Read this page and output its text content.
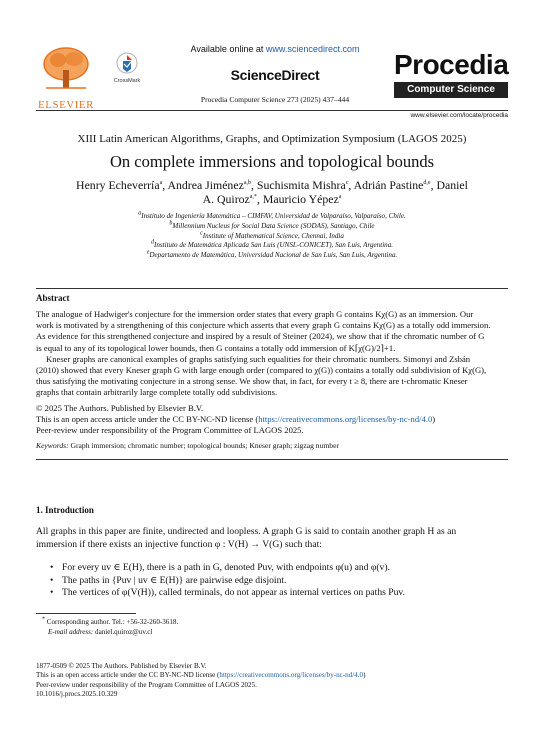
ELSEVIER
CrossMark
Available online at www.sciencedirect.com
ScienceDirect
Procedia Computer Science 273 (2025) 437–444
Procedia
Computer Science
www.elsevier.com/locate/procedia
XIII Latin American Algorithms, Graphs, and Optimization Symposium (LAGOS 2025)
On complete immersions and topological bounds
Henry Echeverría$^a$, Andrea Jiménez$^{a,b}$, Suchismita Mishra$^c$, Adrián Pastine$^{d,e}$, Daniel A. Quiroz$^{a,*}$, Mauricio Yépez$^a$
$^a$Instituto de Ingeniería Matemática – CIMFAV, Universidad de Valparaíso, Valparaíso, Chile.
$^b$Millennium Nucleus for Social Data Science (SODAS), Santiago, Chile
$^c$Institute of Mathematical Science, Chennai, India
$^d$Instituto de Matemática Aplicada San Luis (UNSL-CONICET), San Luis, Argentina.
$^e$Departamento de Matemática, Universidad Nacional de San Luis, San Luis, Argentina.
Abstract
The analogue of Hadwiger's conjecture for the immersion order states that every graph G contains Kχ(G) as an immersion. Our
work is motivated by a strengthening of this conjecture which asserts that every graph G contains Kχ(G) as a totally odd immersion.
As evidence for this strengthened conjecture and inspired by a result of Steiner (2024), we show that if the chromatic number of G
is equal to any of its topological lower bounds, then G contains a totally odd immersion of K⌈χ(G)/2⌉+1.
Kneser graphs are canonical examples of graphs satisfying such equalities for their chromatic numbers. Simonyi and Zsbán
(2010) showed that every Kneser graph G with large enough order (compared to χ(G)) contains a totally odd subdivision of Kχ(G),
thus satisfying the motivating conjecture in a strong sense. We show that, in fact, for every t ≥ 8, there are t-chromatic Kneser
graphs that contain arbitrarily large complete totally odd subdivisions.
© 2025 The Authors. Published by Elsevier B.V.
This is an open access article under the CC BY-NC-ND license (https://creativecommons.org/licenses/by-nc-nd/4.0)
Peer-review under responsibility of the Program Committee of LAGOS 2025.
Keywords: Graph immersion; chromatic number; topological bounds; Kneser graph; zigzag number
1. Introduction
All graphs in this paper are finite, undirected and loopless. A graph G is said to contain another graph H as an
immersion if there exists an injective function φ : V(H) → V(G) such that:
• For every uv ∈ E(H), there is a path in G, denoted Puv, with endpoints φ(u) and φ(v).
• The paths in {Puv | uv ∈ E(H)} are pairwise edge disjoint.
• The vertices of φ(V(H)), called terminals, do not appear as internal vertices on paths Puv.
* Corresponding author. Tel.: +56-32-260-3618.
E-mail address: daniel.quiroz@uv.cl
1877-0509 © 2025 The Authors. Published by Elsevier B.V.
This is an open access article under the CC BY-NC-ND license (https://creativecommons.org/licenses/by-nc-nd/4.0)
Peer-review under responsibility of the Program Committee of LAGOS 2025.
10.1016/j.procs.2025.10.329
